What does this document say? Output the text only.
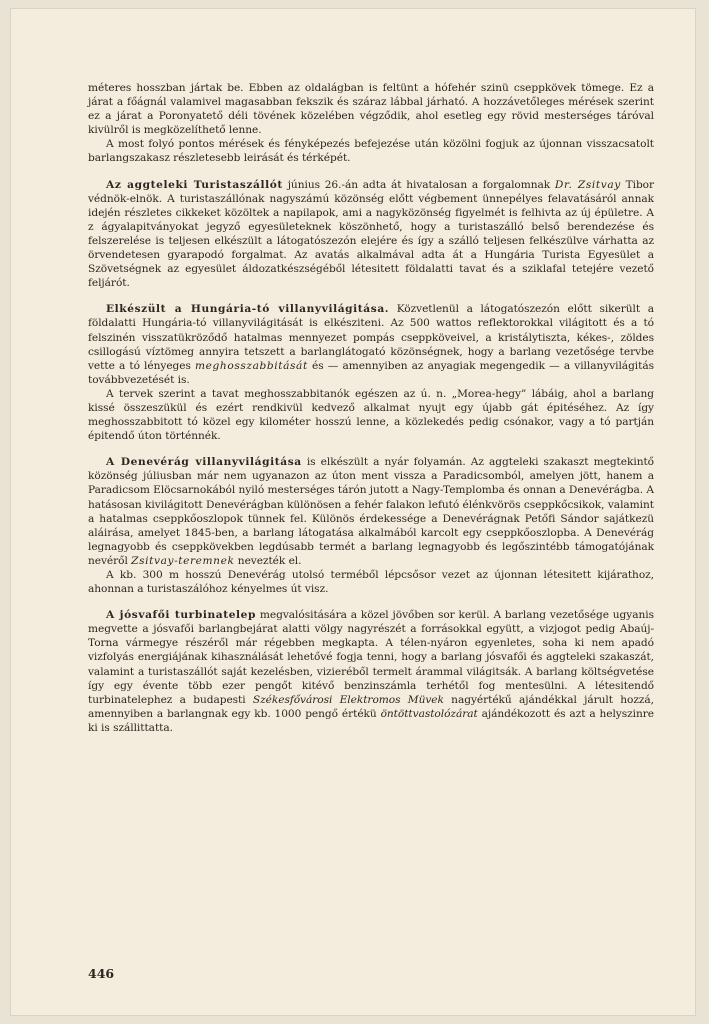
méteres hosszban jártak be. Ebben az oldalágban is feltünt a hófehér szinü cseppkövek tömege. Ez a járat a főágnál valamivel magasabban fekszik és száraz lábbal járható. A hozzávetőleges mérések szerint ez a járat a Poronyatető déli tövének közelében végződik, ahol esetleg egy rövid mesterséges táróval kivülről is megközelíthető lenne.

A most folyó pontos mérések és fényképezés befejezése után közölni fogjuk az újonnan visszacsatolt barlangszakasz részletesebb leirását és térképét.

Az aggteleki Turistaszállót június 26.-án adta át hivatalosan a forgalomnak Dr. Zsitvay Tibor védnök-elnök. A turistaszállónak nagyszámú közönség előtt végbement ünnepélyes felavatásáról annak idején részletes cikkeket közöltek a napilapok, ami a nagyközönség figyelmét is felhivta az új épületre. A z ágyalapitványokat jegyző egyesületeknek köszönhető, hogy a turistaszálló belső berendezése és felszerelése is teljesen elkészült a látogatószezón elejére és így a szálló teljesen felkészülve várhatta az örvendetesen gyarapodó forgalmat. Az avatás alkalmával adta át a Hungária Turista Egyesület a Szövetségnek az egyesület áldozatkészségéből létesitett földalatti tavat és a sziklafal tetejére vezető feljárót.

Elkészült a Hungária-tó villanyvilágitása. Közvetlenül a látogatószezón előtt sikerült a földalatti Hungária-tó villanyvilágitását is elkésziteni. Az 500 wattos reflektorokkal világitott és a tó felszinén visszatükröződő hatalmas mennyezet pompás cseppköveivel, a kristálytiszta, kékes-, zöldes csillogású víztömeg annyira tetszett a barlanglátogató közönségnek, hogy a barlang vezetősége tervbe vette a tó lényeges meghosszabbitását és — amennyiben az anyagiak megengedik — a villanyvilágitás továbbvezetését is.

A tervek szerint a tavat meghosszabbitanók egészen az ú. n. „Morea-hegy” lábáig, ahol a barlang kissé összeszükül és ezért rendkivül kedvező alkalmat nyujt egy újabb gát épitéséhez. Az így meghosszabbitott tó közel egy kilométer hosszú lenne, a közlekedés pedig csónakor, vagy a tó partján épitendő úton történnék.

A Denevérág villanyvilágitása is elkészült a nyár folyamán. Az aggteleki szakaszt megtekintő közönség júliusban már nem ugyanazon az úton ment vissza a Paradicsomból, amelyen jött, hanem a Paradicsom Elöcsarnokából nyiló mesterséges tárón jutott a Nagy-Templomba és onnan a Denevérágba. A hatásosan kivilágitott Denevérágban különösen a fehér falakon lefutó élénkvörös cseppkőcsikok, valamint a hatalmas cseppkőoszlopok tünnek fel. Különös érdekessége a Denevérágnak Petőfi Sándor sajátkezü aláirása, amelyet 1845-ben, a barlang látogatása alkalmából karcolt egy cseppkőoszlopba. A Denevérág legnagyobb és cseppkövekben legdúsabb termét a barlang legnagyobb és legőszintébb támogatójának nevéről Zsitvay-teremnek nevezték el.

A kb. 300 m hosszú Denevérág utolsó terméből lépcsősor vezet az újonnan létesitett kijárathoz, ahonnan a turistaszálóhoz kényelmes út visz.

A jósvafői turbinatelep megvalósitására a közel jövőben sor kerül. A barlang vezetősége ugyanis megvette a jósvafői barlangbejárat alatti völgy nagyrészét a forrásokkal együtt, a vizjogot pedig Abaúj-Torna vármegye részéről már régebben megkapta. A télen-nyáron egyenletes, soha ki nem apadó vizfolyás energiájának kihasználását lehetővé fogja tenni, hogy a barlang jósvafői és aggteleki szakaszát, valamint a turistaszállót saját kezelésben, vizieréből termelt árammal világitsák. A barlang költségvetése így egy évente több ezer pengőt kitévő benzinszámla terhétől fog mentesülni. A létesitendő turbinatelephez a budapesti Székesfővárosi Elektromos Müvek nagyértékű ajándékkal járult hozzá, amennyiben a barlangnak egy kb. 1000 pengő értékü öntöttvastolózárat ajándékozott és azt a helyszinre ki is szállittatta.

446
